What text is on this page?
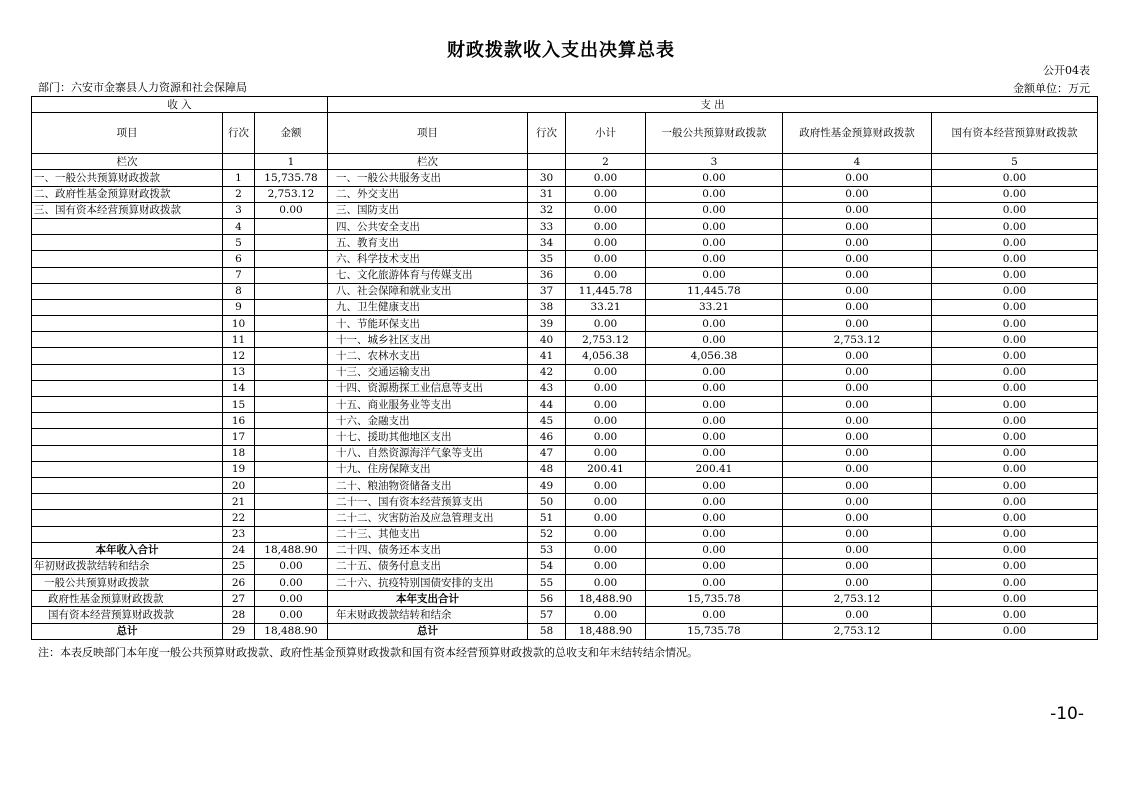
财政拨款收入支出决算总表
公开04表
部门：六安市金寨县人力资源和社会保障局	金额单位：万元
收 入			支 出					
项目	行次	金额	项目	行次	小计	一般公共预算财政拨款	政府性基金预算财政拨款	国有资本经营预算财政拨款
栏次		1	栏次		2	3	4	5
一、一般公共预算财政拨款	1	15,735.78	一、一般公共服务支出	30	0.00	0.00	0.00	0.00
二、政府性基金预算财政拨款	2	2,753.12	二、外交支出	31	0.00	0.00	0.00	0.00
三、国有资本经营预算财政拨款	3	0.00	三、国防支出	32	0.00	0.00	0.00	0.00
	4		四、公共安全支出	33	0.00	0.00	0.00	0.00
	5		五、教育支出	34	0.00	0.00	0.00	0.00
	6		六、科学技术支出	35	0.00	0.00	0.00	0.00
	7		七、文化旅游体育与传媒支出	36	0.00	0.00	0.00	0.00
	8		八、社会保障和就业支出	37	11,445.78	11,445.78	0.00	0.00
	9		九、卫生健康支出	38	33.21	33.21	0.00	0.00
	10		十、节能环保支出	39	0.00	0.00	0.00	0.00
	11		十一、城乡社区支出	40	2,753.12	0.00	2,753.12	0.00
	12		十二、农林水支出	41	4,056.38	4,056.38	0.00	0.00
	13		十三、交通运输支出	42	0.00	0.00	0.00	0.00
	14		十四、资源勘探工业信息等支出	43	0.00	0.00	0.00	0.00
	15		十五、商业服务业等支出	44	0.00	0.00	0.00	0.00
	16		十六、金融支出	45	0.00	0.00	0.00	0.00
	17		十七、援助其他地区支出	46	0.00	0.00	0.00	0.00
	18		十八、自然资源海洋气象等支出	47	0.00	0.00	0.00	0.00
	19		十九、住房保障支出	48	200.41	200.41	0.00	0.00
	20		二十、粮油物资储备支出	49	0.00	0.00	0.00	0.00
	21		二十一、国有资本经营预算支出	50	0.00	0.00	0.00	0.00
	22		二十二、灾害防治及应急管理支出	51	0.00	0.00	0.00	0.00
	23		二十三、其他支出	52	0.00	0.00	0.00	0.00
本年收入合计	24	18,488.90	二十四、债务还本支出	53	0.00	0.00	0.00	0.00
年初财政拨款结转和结余	25	0.00	二十五、债务付息支出	54	0.00	0.00	0.00	0.00
一般公共预算财政拨款	26	0.00	二十六、抗疫特别国债安排的支出	55	0.00	0.00	0.00	0.00
政府性基金预算财政拨款	27	0.00	本年支出合计	56	18,488.90	15,735.78	2,753.12	0.00
国有资本经营预算财政拨款	28	0.00	年末财政拨款结转和结余	57	0.00	0.00	0.00	0.00
总计	29	18,488.90	总计	58	18,488.90	15,735.78	2,753.12	0.00
注：本表反映部门本年度一般公共预算财政拨款、政府性基金预算财政拨款和国有资本经营预算财政拨款的总收支和年末结转结余情况。
-10-
